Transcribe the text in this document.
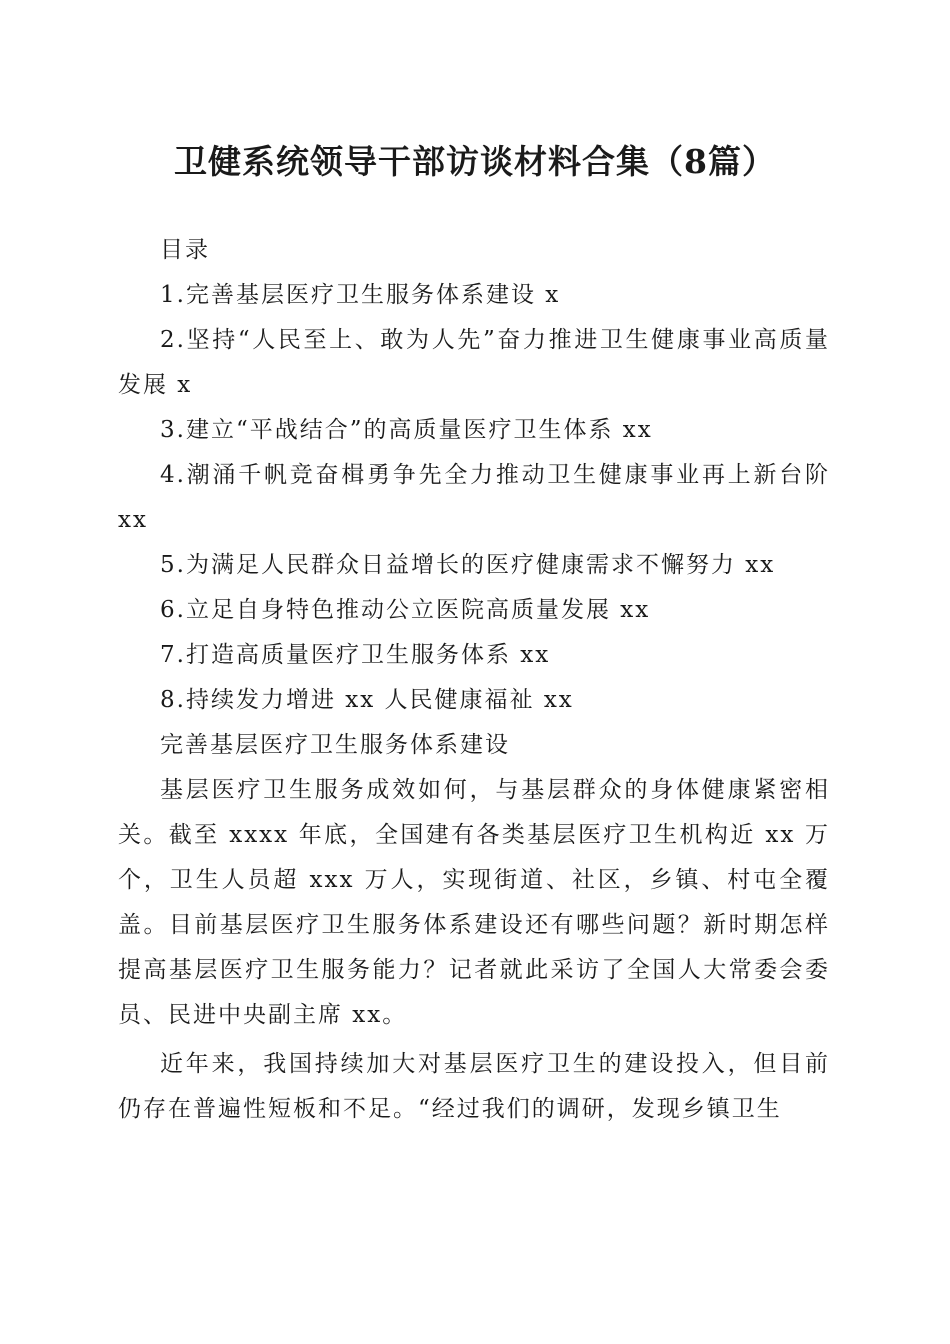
卫健系统领导干部访谈材料合集（8篇）

目录

1.完善基层医疗卫生服务体系建设 x

2.坚持“人民至上、敢为人先”奋力推进卫生健康事业高质量发展 x

3.建立“平战结合”的高质量医疗卫生体系 xx

4.潮涌千帆竞奋楫勇争先全力推动卫生健康事业再上新台阶 xx

5.为满足人民群众日益增长的医疗健康需求不懈努力 xx

6.立足自身特色推动公立医院高质量发展 xx

7.打造高质量医疗卫生服务体系 xx

8.持续发力增进 xx 人民健康福祉 xx

完善基层医疗卫生服务体系建设

基层医疗卫生服务成效如何，与基层群众的身体健康紧密相关。截至 xxxx 年底，全国建有各类基层医疗卫生机构近 xx 万个，卫生人员超 xxx 万人，实现街道、社区，乡镇、村屯全覆盖。目前基层医疗卫生服务体系建设还有哪些问题？新时期怎样提高基层医疗卫生服务能力？记者就此采访了全国人大常委会委员、民进中央副主席 xx。

近年来，我国持续加大对基层医疗卫生的建设投入，但目前仍存在普遍性短板和不足。“经过我们的调研，发现乡镇卫生
